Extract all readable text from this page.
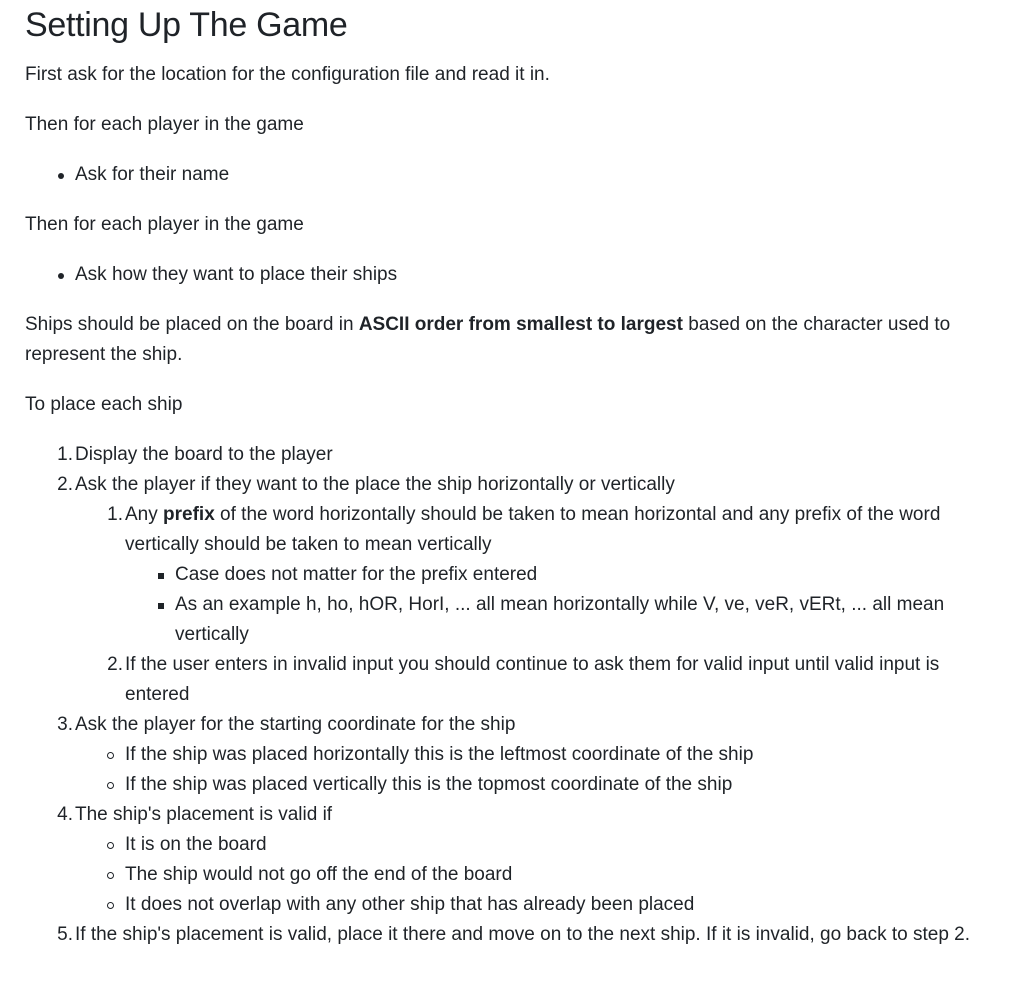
Setting Up The Game

First ask for the location for the configuration file and read it in.

Then for each player in the game

Ask for their name

Then for each player in the game

Ask how they want to place their ships

Ships should be placed on the board in ASCII order from smallest to largest based on the character used to represent the ship.

To place each ship

1. Display the board to the player
2. Ask the player if they want to the place the ship horizontally or vertically
1. Any prefix of the word horizontally should be taken to mean horizontal and any prefix of the word vertically should be taken to mean vertically
Case does not matter for the prefix entered
As an example h, ho, hOR, HorI, ... all mean horizontally while V, ve, veR, vERt, ... all mean vertically
2. If the user enters in invalid input you should continue to ask them for valid input until valid input is entered
3. Ask the player for the starting coordinate for the ship
If the ship was placed horizontally this is the leftmost coordinate of the ship
If the ship was placed vertically this is the topmost coordinate of the ship
4. The ship's placement is valid if
It is on the board
The ship would not go off the end of the board
It does not overlap with any other ship that has already been placed
5. If the ship's placement is valid, place it there and move on to the next ship. If it is invalid, go back to step 2.
